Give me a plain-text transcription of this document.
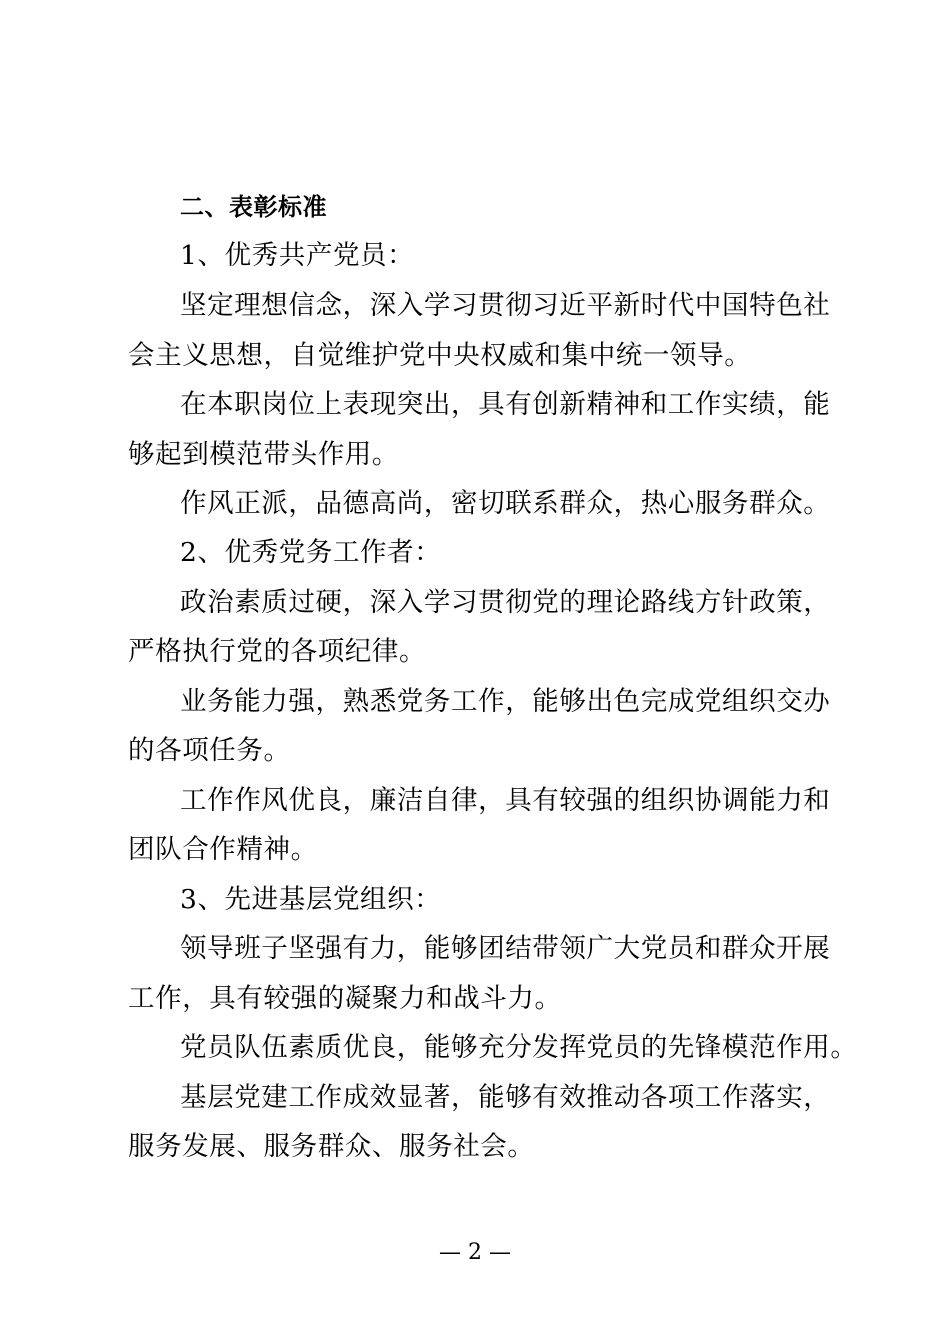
二、表彰标准
1、优秀共产党员：
坚定理想信念，深入学习贯彻习近平新时代中国特色社
会主义思想，自觉维护党中央权威和集中统一领导。
在本职岗位上表现突出，具有创新精神和工作实绩，能
够起到模范带头作用。
作风正派，品德高尚，密切联系群众，热心服务群众。
2、优秀党务工作者：
政治素质过硬，深入学习贯彻党的理论路线方针政策，
严格执行党的各项纪律。
业务能力强，熟悉党务工作，能够出色完成党组织交办
的各项任务。
工作作风优良，廉洁自律，具有较强的组织协调能力和
团队合作精神。
3、先进基层党组织：
领导班子坚强有力，能够团结带领广大党员和群众开展
工作，具有较强的凝聚力和战斗力。
党员队伍素质优良，能够充分发挥党员的先锋模范作用。
基层党建工作成效显著，能够有效推动各项工作落实，
服务发展、服务群众、服务社会。
— 2 —
